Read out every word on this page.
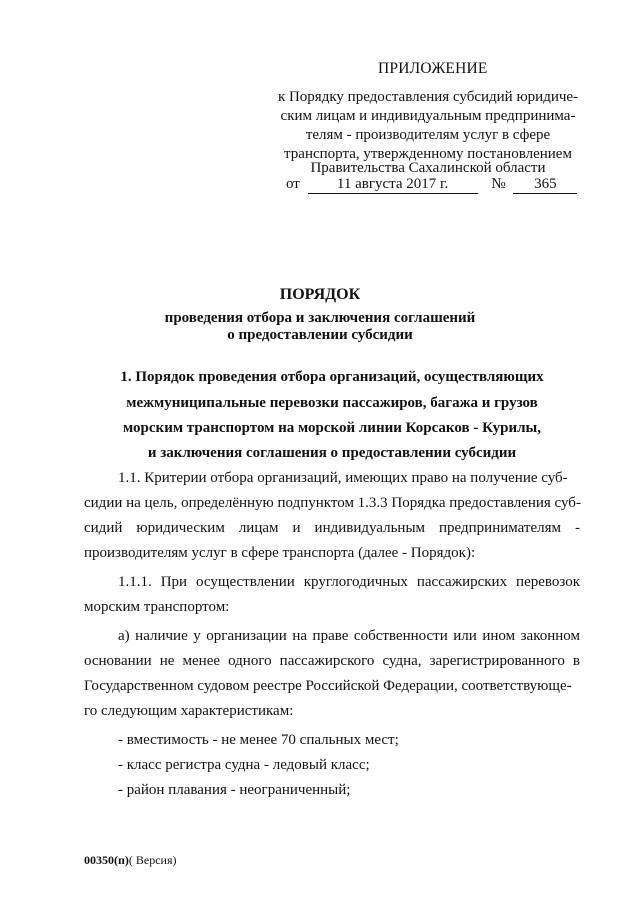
ПРИЛОЖЕНИЕ
к Порядку предоставления субсидий юридиче-
ским лицам и индивидуальным предпринима-
телям - производителям услуг в сфере
транспорта, утвержденному постановлением
Правительства Сахалинской области
от 11 августа 2017 г.	№ 365
ПОРЯДОК
проведения отбора и заключения соглашений
о предоставлении субсидии
1. Порядок проведения отбора организаций, осуществляющих
межмуниципальные перевозки пассажиров, багажа и грузов
морским транспортом на морской линии Корсаков - Курилы,
и заключения соглашения о предоставлении субсидии
1.1. Критерии отбора организаций, имеющих право на получение суб-
сидии на цель, определённую подпунктом 1.3.3 Порядка предоставления суб-
сидий юридическим лицам и индивидуальным предпринимателям -
производителям услуг в сфере транспорта (далее - Порядок):
1.1.1. При осуществлении круглогодичных пассажирских перевозок
морским транспортом:
а) наличие у организации на праве собственности или ином законном
основании не менее одного пассажирского судна, зарегистрированного в
Государственном судовом реестре Российской Федерации, соответствующе-
го следующим характеристикам:
- вместимость - не менее 70 спальных мест;
- класс регистра судна - ледовый класс;
- район плавания - неограниченный;
00350(п)( Версия)
